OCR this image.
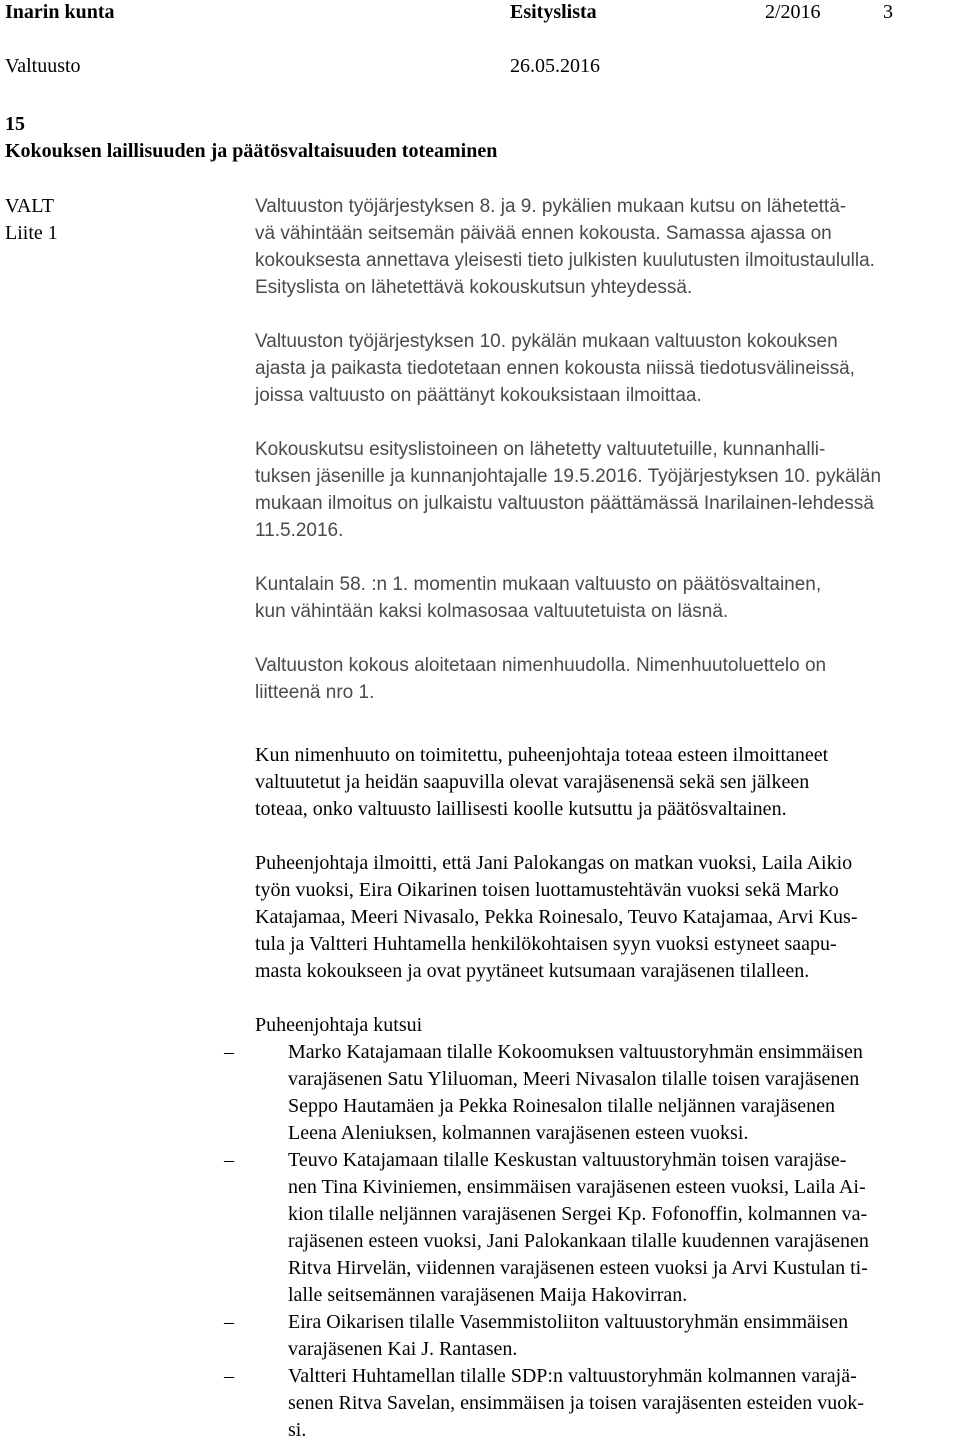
Inarin kunta	Esityslista	2/2016	3
Valtuusto	26.05.2016
15
Kokouksen laillisuuden ja päätösvaltaisuuden toteaminen
VALT
Liite 1
Valtuuston työjärjestyksen 8. ja 9. pykälien mukaan kutsu on lähetettä-
vä vähintään seitsemän päivää ennen kokousta. Samassa ajassa on
kokouksesta annettava yleisesti tieto julkisten kuulutusten ilmoitustaululla.
Esityslista on lähetettävä kokouskutsun yhteydessä.
Valtuuston työjärjestyksen 10. pykälän mukaan valtuuston kokouksen
ajasta ja paikasta tiedotetaan ennen kokousta niissä tiedotusvälineissä,
joissa valtuusto on päättänyt kokouksistaan ilmoittaa.
Kokouskutsu esityslistoineen on lähetetty valtuutetuille, kunnanhalli-
tuksen jäsenille ja kunnanjohtajalle 19.5.2016. Työjärjestyksen 10. pykälän
mukaan ilmoitus on julkaistu valtuuston päättämässä Inarilainen-lehdessä
11.5.2016.
Kuntalain 58. :n 1. momentin mukaan valtuusto on päätösvaltainen,
kun vähintään kaksi kolmasosaa valtuutetuista on läsnä.
Valtuuston kokous aloitetaan nimenhuudolla. Nimenhuutoluettelo on
liitteenä nro 1.
Kun nimenhuuto on toimitettu, puheenjohtaja toteaa esteen ilmoittaneet
valtuutetut ja heidän saapuvilla olevat varajäsenensä sekä sen jälkeen
toteaa, onko valtuusto laillisesti koolle kutsuttu ja päätösvaltainen.
Puheenjohtaja ilmoitti, että Jani Palokangas on matkan vuoksi, Laila Aikio
työn vuoksi, Eira Oikarinen toisen luottamustehtävän vuoksi sekä Marko
Katajamaa, Meeri Nivasalo, Pekka Roinesalo, Teuvo Katajamaa, Arvi Kus-
tula ja Valtteri Huhtamella henkilökohtaisen syyn vuoksi estyneet saapu-
masta kokoukseen ja ovat pyytäneet kutsumaan varajäsenen tilalleen.
Puheenjohtaja kutsui
–	Marko Katajamaan tilalle Kokoomuksen valtuustoryhmän ensimmäisen
varajäsenen Satu Yliluoman, Meeri Nivasalon tilalle toisen varajäsenen
Seppo Hautamäen ja Pekka Roinesalon tilalle neljännen varajäsenen
Leena Aleniuksen, kolmannen varajäsenen esteen vuoksi.
–	Teuvo Katajamaan tilalle Keskustan valtuustoryhmän toisen varajäse-
nen Tina Kiviniemen, ensimmäisen varajäsenen esteen vuoksi, Laila Ai-
kion tilalle neljännen varajäsenen Sergei Kp. Fofonoffin, kolmannen va-
rajäsenen esteen vuoksi, Jani Palokankaan tilalle kuudennen varajäsenen
Ritva Hirvelän, viidennen varajäsenen esteen vuoksi ja Arvi Kustulan ti-
lalle seitsemännen varajäsenen Maija Hakovirran.
–	Eira Oikarisen tilalle Vasemmistoliiton valtuustoryhmän ensimmäisen
varajäsenen Kai J. Rantasen.
–	Valtteri Huhtamellan tilalle SDP:n valtuustoryhmän kolmannen varajä-
senen Ritva Savelan, ensimmäisen ja toisen varajäsenten esteiden vuok-
si.
